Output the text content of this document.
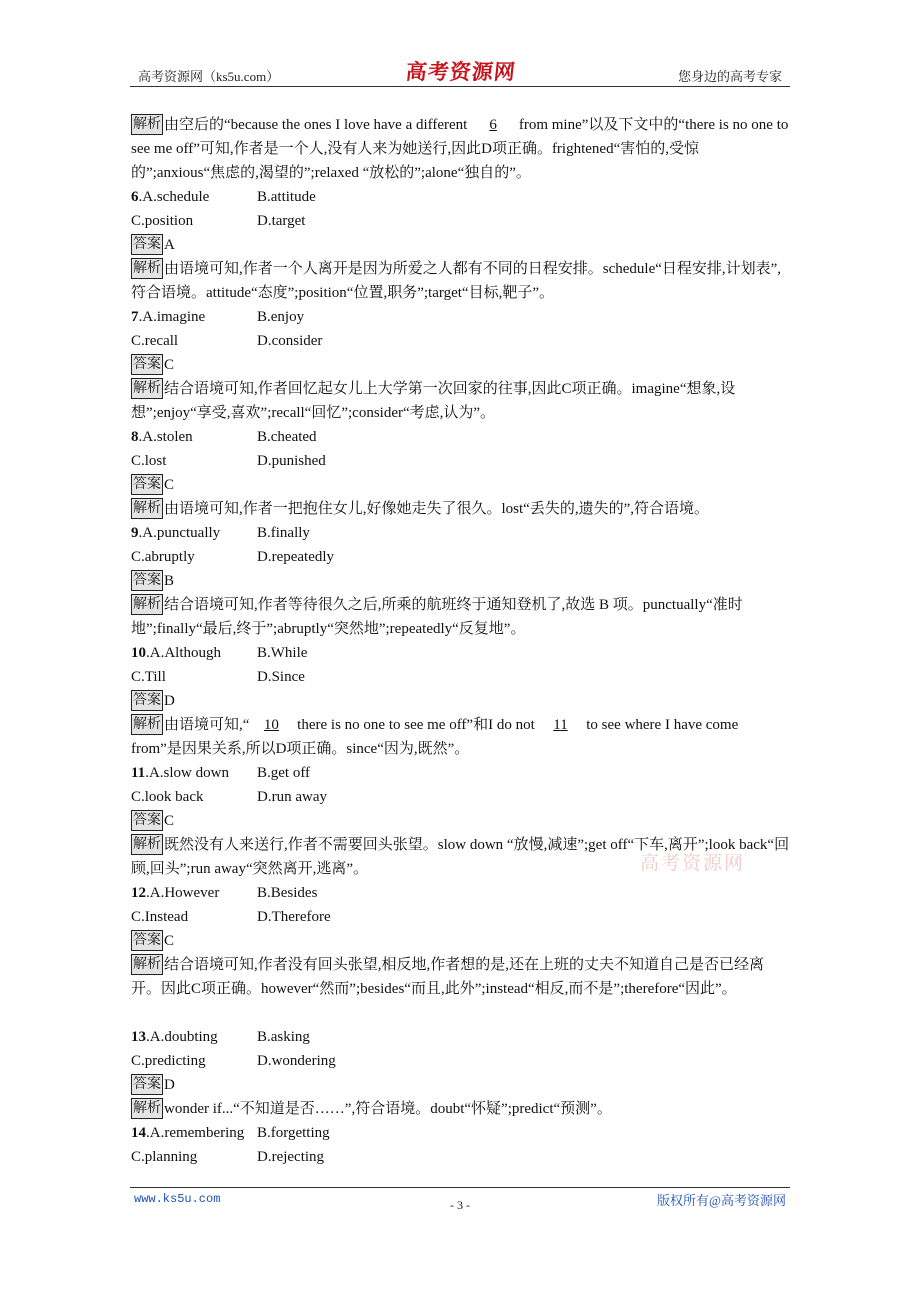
高考资源网（ks5u.com）	高考资源网	您身边的高考专家
解析 由空后的“because the ones I love have a different 6 from mine”以及下文中的“there is no one to see me off”可知,作者是一个人,没有人来为她送行,因此D项正确。frightened“害怕的,受惊的”;anxious“焦虑的,渴望的”;relaxed “放松的”;alone“独自的”。
6.A.schedule	B.attitude
C.position	D.target
答案 A
解析 由语境可知,作者一个人离开是因为所爱之人都有不同的日程安排。schedule“日程安排,计划表”,符合语境。attitude“态度”;position“位置,职务”;target“目标,靶子”。
7.A.imagine	B.enjoy
C.recall	D.consider
答案 C
解析 结合语境可知,作者回忆起女儿上大学第一次回家的往事,因此C项正确。imagine“想象,设想”;enjoy“享受,喜欢”;recall“回忆”;consider“考虑,认为”。
8.A.stolen	B.cheated
C.lost	D.punished
答案 C
解析 由语境可知,作者一把抱住女儿,好像她走失了很久。lost“丢失的,遗失的”,符合语境。
9.A.punctually B.finally
C.abruptly	D.repeatedly
答案 B
解析 结合语境可知,作者等待很久之后,所乘的航班终于通知登机了,故选 B 项。punctually“准时地”;finally“最后,终于”;abruptly“突然地”;repeatedly“反复地”。
10.A.Although B.While
C.Till	D.Since
答案 D
解析 由语境可知,“ 10 there is no one to see me off”和I do not 11 to see where I have come from”是因果关系,所以D项正确。since“因为,既然”。
11.A.slow down B.get off
C.look back	D.run away
答案 C
解析 既然没有人来送行,作者不需要回头张望。slow down “放慢,减速”;get off“下车,离开”;look back“回顾,回头”;run away“突然离开,逃离”。
12.A.However	B.Besides
C.Instead	D.Therefore
答案 C
解析 结合语境可知,作者没有回头张望,相反地,作者想的是,还在上班的丈夫不知道自己是否已经离开。因此C项正确。however“然而”;besides“而且,此外”;instead“相反,而不是”;therefore“因此”。
13.A.doubting	B.asking
C.predicting	D.wondering
答案 D
解析 wonder if...“不知道是否……”,符合语境。doubt“怀疑”;predict“预测”。
14.A.remembering B.forgetting
C.planning	D.rejecting
高考资源网
www.ks5u.com	- 3 -	版权所有@高考资源网
